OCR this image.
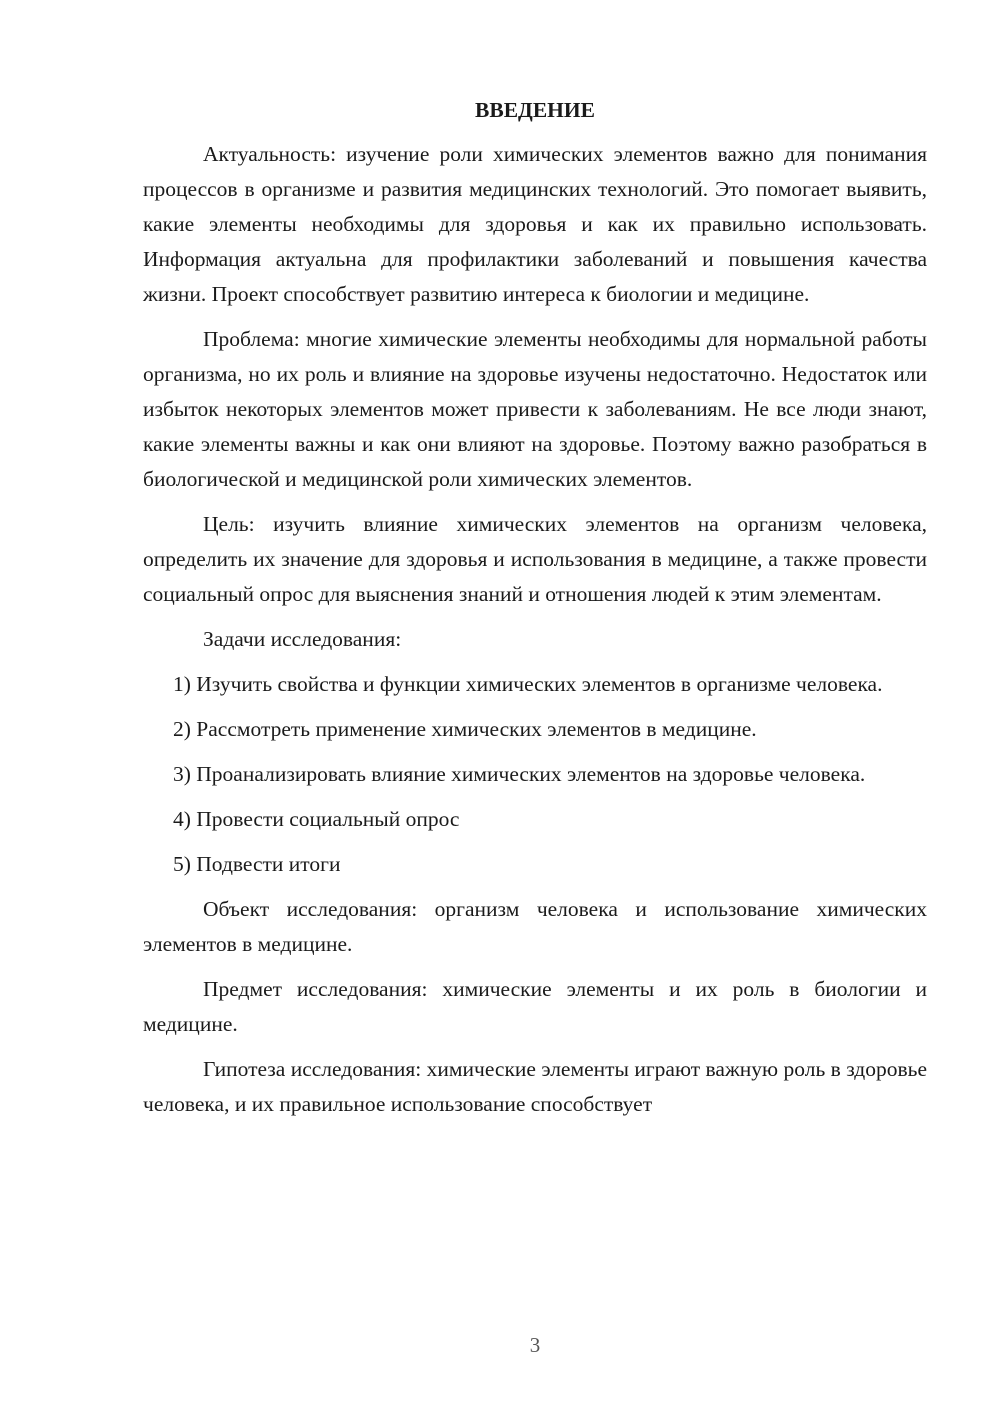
ВВЕДЕНИЕ

Актуальность: изучение роли химических элементов важно для понимания процессов в организме и развития медицинских технологий. Это помогает выявить, какие элементы необходимы для здоровья и как их правильно использовать. Информация актуальна для профилактики заболеваний и повышения качества жизни. Проект способствует развитию интереса к биологии и медицине.

Проблема: многие химические элементы необходимы для нормальной работы организма, но их роль и влияние на здоровье изучены недостаточно. Недостаток или избыток некоторых элементов может привести к заболеваниям. Не все люди знают, какие элементы важны и как они влияют на здоровье. Поэтому важно разобраться в биологической и медицинской роли химических элементов.

Цель: изучить влияние химических элементов на организм человека, определить их значение для здоровья и использования в медицине, а также провести социальный опрос для выяснения знаний и отношения людей к этим элементам.

Задачи исследования:

1) Изучить свойства и функции химических элементов в организме человека.

2) Рассмотреть применение химических элементов в медицине.

3) Проанализировать влияние химических элементов на здоровье человека.

4) Провести социальный опрос

5) Подвести итоги

Объект исследования: организм человека и использование химических элементов в медицине.

Предмет исследования: химические элементы и их роль в биологии и медицине.

Гипотеза исследования: химические элементы играют важную роль в здоровье человека, и их правильное использование способствует

3
